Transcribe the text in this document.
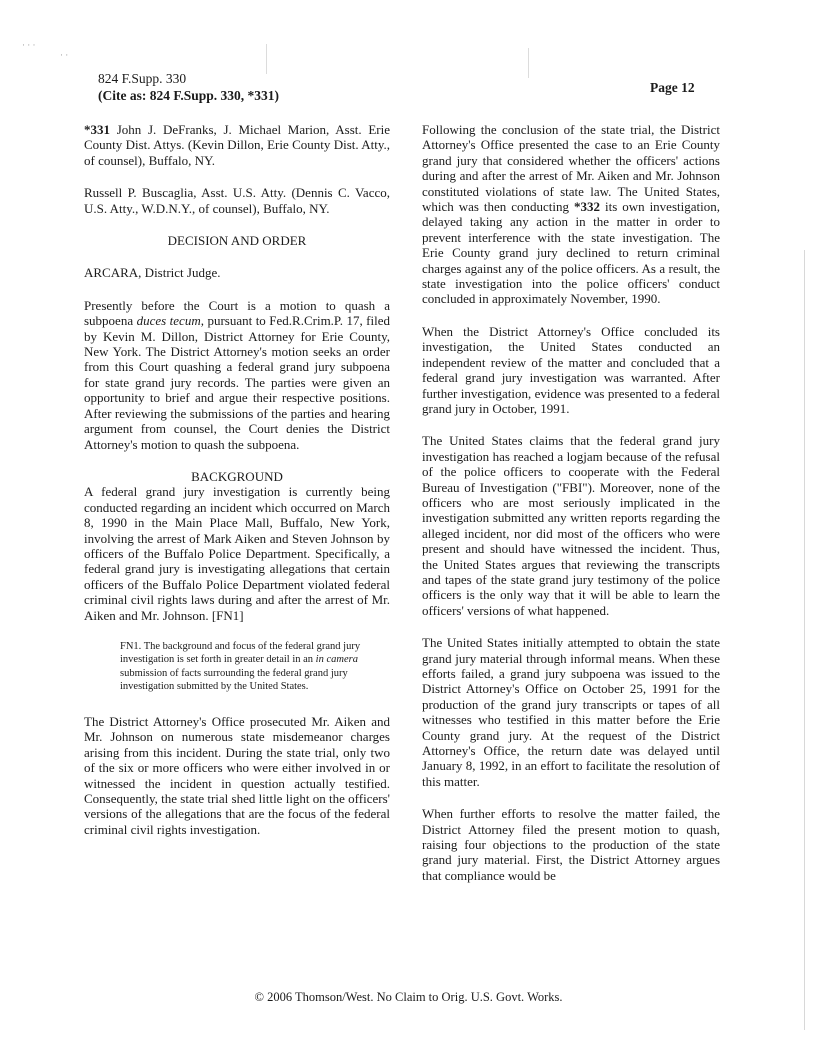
· · ·
· ·
824 F.Supp. 330
(Cite as: 824 F.Supp. 330, *331)
Page 12

*331 John J. DeFranks, J. Michael Marion, Asst. Erie County Dist. Attys. (Kevin Dillon, Erie County Dist. Atty., of counsel), Buffalo, NY.

Russell P. Buscaglia, Asst. U.S. Atty. (Dennis C. Vacco, U.S. Atty., W.D.N.Y., of counsel), Buffalo, NY.

DECISION AND ORDER

ARCARA, District Judge.

Presently before the Court is a motion to quash a subpoena duces tecum, pursuant to Fed.R.Crim.P. 17, filed by Kevin M. Dillon, District Attorney for Erie County, New York. The District Attorney's motion seeks an order from this Court quashing a federal grand jury subpoena for state grand jury records. The parties were given an opportunity to brief and argue their respective positions. After reviewing the submissions of the parties and hearing argument from counsel, the Court denies the District Attorney's motion to quash the subpoena.

BACKGROUND

A federal grand jury investigation is currently being conducted regarding an incident which occurred on March 8, 1990 in the Main Place Mall, Buffalo, New York, involving the arrest of Mark Aiken and Steven Johnson by officers of the Buffalo Police Department. Specifically, a federal grand jury is investigating allegations that certain officers of the Buffalo Police Department violated federal criminal civil rights laws during and after the arrest of Mr. Aiken and Mr. Johnson. [FN1]

FN1. The background and focus of the federal grand jury investigation is set forth in greater detail in an in camera submission of facts surrounding the federal grand jury investigation submitted by the United States.

The District Attorney's Office prosecuted Mr. Aiken and Mr. Johnson on numerous state misdemeanor charges arising from this incident. During the state trial, only two of the six or more officers who were either involved in or witnessed the incident in question actually testified. Consequently, the state trial shed little light on the officers' versions of the allegations that are the focus of the federal criminal civil rights investigation.

Following the conclusion of the state trial, the District Attorney's Office presented the case to an Erie County grand jury that considered whether the officers' actions during and after the arrest of Mr. Aiken and Mr. Johnson constituted violations of state law. The United States, which was then conducting *332 its own investigation, delayed taking any action in the matter in order to prevent interference with the state investigation. The Erie County grand jury declined to return criminal charges against any of the police officers. As a result, the state investigation into the police officers' conduct concluded in approximately November, 1990.

When the District Attorney's Office concluded its investigation, the United States conducted an independent review of the matter and concluded that a federal grand jury investigation was warranted. After further investigation, evidence was presented to a federal grand jury in October, 1991.

The United States claims that the federal grand jury investigation has reached a logjam because of the refusal of the police officers to cooperate with the Federal Bureau of Investigation ("FBI"). Moreover, none of the officers who are most seriously implicated in the investigation submitted any written reports regarding the alleged incident, nor did most of the officers who were present and should have witnessed the incident. Thus, the United States argues that reviewing the transcripts and tapes of the state grand jury testimony of the police officers is the only way that it will be able to learn the officers' versions of what happened.

The United States initially attempted to obtain the state grand jury material through informal means. When these efforts failed, a grand jury subpoena was issued to the District Attorney's Office on October 25, 1991 for the production of the grand jury transcripts or tapes of all witnesses who testified in this matter before the Erie County grand jury. At the request of the District Attorney's Office, the return date was delayed until January 8, 1992, in an effort to facilitate the resolution of this matter.

When further efforts to resolve the matter failed, the District Attorney filed the present motion to quash, raising four objections to the production of the state grand jury material. First, the District Attorney argues that compliance would be

© 2006 Thomson/West. No Claim to Orig. U.S. Govt. Works.
